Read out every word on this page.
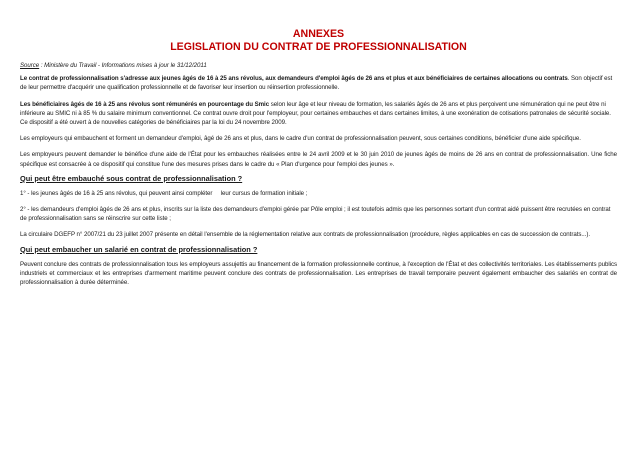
ANNEXES
LEGISLATION DU CONTRAT DE PROFESSIONNALISATION

Source : Ministère du Travail - Informations mises à jour le 31/12/2011

Le contrat de professionnalisation s'adresse aux jeunes âgés de 16 à 25 ans révolus, aux demandeurs d'emploi âgés de 26 ans et plus et aux bénéficiaires de certaines allocations ou contrats. Son objectif est de leur permettre d'acquérir une qualification professionnelle et de favoriser leur insertion ou réinsertion professionnelle.

Les bénéficiaires âgés de 16 à 25 ans révolus sont rémunérés en pourcentage du Smic selon leur âge et leur niveau de formation, les salariés âgés de 26 ans et plus perçoivent une rémunération qui ne peut être ni inférieure au SMIC ni à 85 % du salaire minimum conventionnel. Ce contrat ouvre droit pour l'employeur, pour certaines embauches et dans certaines limites, à une exonération de cotisations patronales de sécurité sociale. Ce dispositif a été ouvert à de nouvelles catégories de bénéficiaires par la loi du 24 novembre 2009.

Les employeurs qui embauchent et forment un demandeur d'emploi, âgé de 26 ans et plus, dans le cadre d'un contrat de professionnalisation peuvent, sous certaines conditions, bénéficier d'une aide spécifique.

Les employeurs peuvent demander le bénéfice d'une aide de l'État pour les embauches réalisées entre le 24 avril 2009 et le 30 juin 2010 de jeunes âgés de moins de 26 ans en contrat de professionnalisation. Une fiche spécifique est consacrée à ce dispositif qui constitue l'une des mesures prises dans le cadre du « Plan d'urgence pour l'emploi des jeunes ».

Qui peut être embauché sous contrat de professionnalisation ?

1° - les jeunes âgés de 16 à 25 ans révolus, qui peuvent ainsi compléter     leur cursus de formation initiale ;

2° - les demandeurs d'emploi âgés de 26 ans et plus, inscrits sur la liste des demandeurs d'emploi gérée par Pôle emploi ; il est toutefois admis que les personnes sortant d'un contrat aidé puissent être recrutées en contrat de professionnalisation sans se réinscrire sur cette liste ;

La circulaire DGEFP n° 2007/21 du 23 juillet 2007 présente en détail l'ensemble de la réglementation relative aux contrats de professionnalisation (procédure, règles applicables en cas de succession de contrats...).

Qui peut embaucher un salarié en contrat de professionnalisation ?

Peuvent conclure des contrats de professionnalisation tous les employeurs assujettis au financement de la formation professionnelle continue, à l'exception de l'État et des collectivités territoriales. Les établissements publics industriels et commerciaux et les entreprises d'armement maritime peuvent conclure des contrats de professionnalisation. Les entreprises de travail temporaire peuvent également embaucher des salariés en contrat de professionnalisation à durée déterminée.
